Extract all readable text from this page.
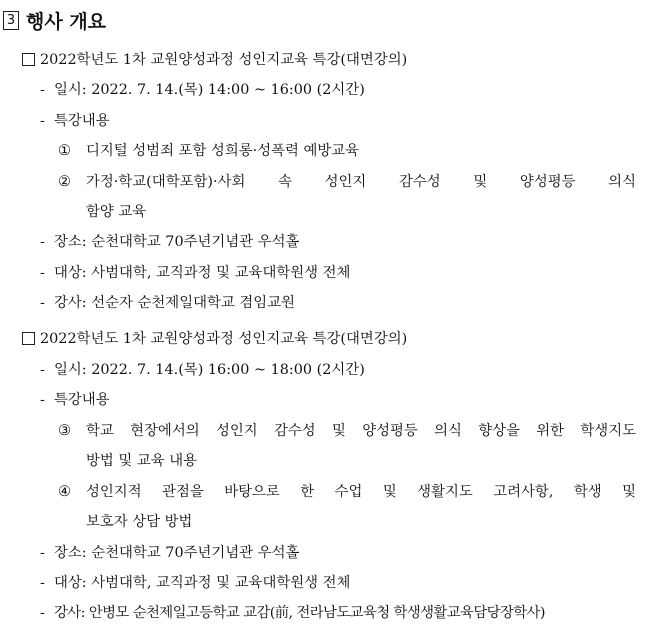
3 행사 개요
2022학년도 1차 교원양성과정 성인지교육 특강(대면강의)
- 일시: 2022. 7. 14.(목) 14:00 ~ 16:00 (2시간)
- 특강내용
①	디지털 성범죄 포함 성희롱·성폭력 예방교육
②	가정·학교(대학포함)·사회 속 성인지 감수성 및 양성평등 의식
함양 교육
- 장소: 순천대학교 70주년기념관 우석홀
- 대상: 사범대학, 교직과정 및 교육대학원생 전체
- 강사: 선순자 순천제일대학교 겸임교원
2022학년도 1차 교원양성과정 성인지교육 특강(대면강의)
- 일시: 2022. 7. 14.(목) 16:00 ~ 18:00 (2시간)
- 특강내용
③	학교 현장에서의 성인지 감수성 및 양성평등 의식 향상을 위한 학생지도
방법 및 교육 내용
④	성인지적 관점을 바탕으로 한 수업 및 생활지도 고려사항, 학생 및
보호자 상담 방법
- 장소: 순천대학교 70주년기념관 우석홀
- 대상: 사범대학, 교직과정 및 교육대학원생 전체
- 강사: 안병모 순천제일고등학교 교감(前, 전라남도교육청 학생생활교육담당장학사)
